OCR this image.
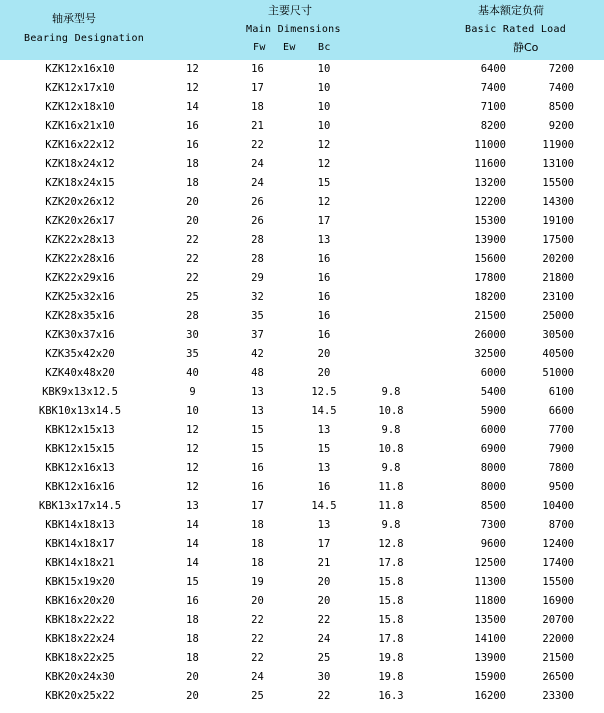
轴承型号
Bearing Designation
主要尺寸
Main Dimensions
Fw Ew Bc
基本额定负荷
Basic Rated Load
静Co
KZK12x16x10	12	16	10		6400	7200
KZK12x17x10	12	17	10		7400	7400
KZK12x18x10	14	18	10		7100	8500
KZK16x21x10	16	21	10		8200	9200
KZK16x22x12	16	22	12		11000	11900
KZK18x24x12	18	24	12		11600	13100
KZK18x24x15	18	24	15		13200	15500
KZK20x26x12	20	26	12		12200	14300
KZK20x26x17	20	26	17		15300	19100
KZK22x28x13	22	28	13		13900	17500
KZK22x28x16	22	28	16		15600	20200
KZK22x29x16	22	29	16		17800	21800
KZK25x32x16	25	32	16		18200	23100
KZK28x35x16	28	35	16		21500	25000
KZK30x37x16	30	37	16		26000	30500
KZK35x42x20	35	42	20		32500	40500
KZK40x48x20	40	48	20		6000	51000
KBK9x13x12.5	9	13	12.5	9.8	5400	6100
KBK10x13x14.5	10	13	14.5	10.8	5900	6600
KBK12x15x13	12	15	13	9.8	6000	7700
KBK12x15x15	12	15	15	10.8	6900	7900
KBK12x16x13	12	16	13	9.8	8000	7800
KBK12x16x16	12	16	16	11.8	8000	9500
KBK13x17x14.5	13	17	14.5	11.8	8500	10400
KBK14x18x13	14	18	13	9.8	7300	8700
KBK14x18x17	14	18	17	12.8	9600	12400
KBK14x18x21	14	18	21	17.8	12500	17400
KBK15x19x20	15	19	20	15.8	11300	15500
KBK16x20x20	16	20	20	15.8	11800	16900
KBK18x22x22	18	22	22	15.8	13500	20700
KBK18x22x24	18	22	24	17.8	14100	22000
KBK18x22x25	18	22	25	19.8	13900	21500
KBK20x24x30	20	24	30	19.8	15900	26500
KBK20x25x22	20	25	22	16.3	16200	23300
